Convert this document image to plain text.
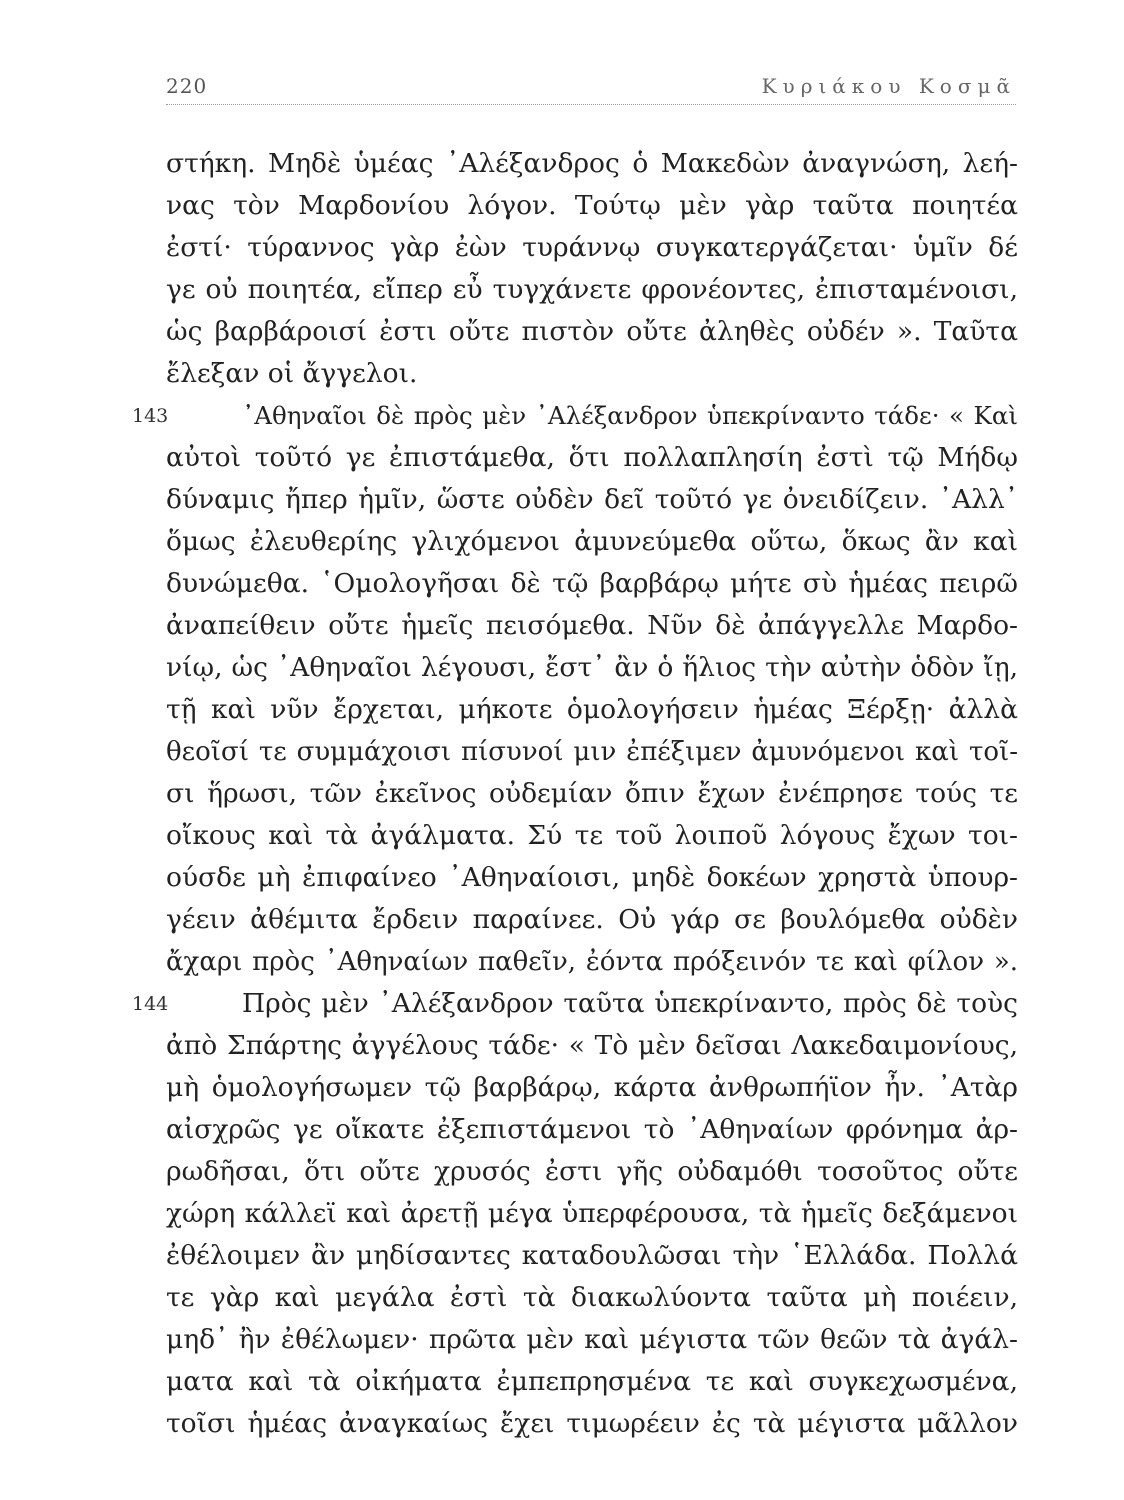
220	Κυριάκου Κοσμᾶ
στήκη. Μηδὲ ὑμέας ᾿Αλέξανδρος ὁ Μακεδὼν ἀναγνώση, λεή-
νας τὸν Μαρδονίου λόγον. Τούτῳ μὲν γὰρ ταῦτα ποιητέα
ἐστί· τύραννος γὰρ ἐὼν τυράννῳ συγκατεργάζεται· ὑμῖν δέ
γε οὐ ποιητέα, εἴπερ εὖ τυγχάνετε φρονέοντες, ἐπισταμένοισι,
ὡς βαρβάροισί ἐστι οὔτε πιστὸν οὔτε ἀληθὲς οὐδέν ». Ταῦτα
ἔλεξαν οἱ ἄγγελοι.
143	᾿Αθηναῖοι δὲ πρὸς μὲν ᾿Αλέξανδρον ὑπεκρίναντο τάδε· « Καὶ
αὐτοὶ τοῦτό γε ἐπιστάμεθα, ὅτι πολλαπλησίη ἐστὶ τῷ Μήδῳ
δύναμις ἤπερ ἡμῖν, ὥστε οὐδὲν δεῖ τοῦτό γε ὀνειδίζειν. ᾿Αλλ᾿
ὅμως ἐλευθερίης γλιχόμενοι ἀμυνεύμεθα οὕτω, ὅκως ἂν καὶ
δυνώμεθα. ῾Ομολογῆσαι δὲ τῷ βαρβάρῳ μήτε σὺ ἡμέας πειρῶ
ἀναπείθειν οὔτε ἡμεῖς πεισόμεθα. Νῦν δὲ ἀπάγγελλε Μαρδο-
νίῳ, ὡς ᾿Αθηναῖοι λέγουσι, ἔστ᾿ ἂν ὁ ἥλιος τὴν αὐτὴν ὁδὸν ἴῃ,
τῇ καὶ νῦν ἔρχεται, μήκοτε ὁμολογήσειν ἡμέας Ξέρξῃ· ἀλλὰ
θεοῖσί τε συμμάχοισι πίσυνοί μιν ἐπέξιμεν ἀμυνόμενοι καὶ τοῖ-
σι ἥρωσι, τῶν ἐκεῖνος οὐδεμίαν ὄπιν ἔχων ἐνέπρησε τούς τε
οἴκους καὶ τὰ ἀγάλματα. Σύ τε τοῦ λοιποῦ λόγους ἔχων τοι-
ούσδε μὴ ἐπιφαίνεο ᾿Αθηναίοισι, μηδὲ δοκέων χρηστὰ ὑπουρ-
γέειν ἀθέμιτα ἔρδειν παραίνεε. Οὐ γάρ σε βουλόμεθα οὐδὲν
ἄχαρι πρὸς ᾿Αθηναίων παθεῖν, ἐόντα πρόξεινόν τε καὶ φίλον ».
144	Πρὸς μὲν ᾿Αλέξανδρον ταῦτα ὑπεκρίναντο, πρὸς δὲ τοὺς
ἀπὸ Σπάρτης ἀγγέλους τάδε· « Τὸ μὲν δεῖσαι Λακεδαιμονίους,
μὴ ὁμολογήσωμεν τῷ βαρβάρῳ, κάρτα ἀνθρωπήϊον ἦν. ᾿Ατὰρ
αἰσχρῶς γε οἴκατε ἐξεπιστάμενοι τὸ ᾿Αθηναίων φρόνημα ἀρ-
ρωδῆσαι, ὅτι οὔτε χρυσός ἐστι γῆς οὐδαμόθι τοσοῦτος οὔτε
χώρη κάλλεϊ καὶ ἀρετῇ μέγα ὑπερφέρουσα, τὰ ἡμεῖς δεξάμενοι
ἐθέλοιμεν ἂν μηδίσαντες καταδουλῶσαι τὴν ῾Ελλάδα. Πολλά
τε γὰρ καὶ μεγάλα ἐστὶ τὰ διακωλύοντα ταῦτα μὴ ποιέειν,
μηδ᾿ ἢν ἐθέλωμεν· πρῶτα μὲν καὶ μέγιστα τῶν θεῶν τὰ ἀγάλ-
ματα καὶ τὰ οἰκήματα ἐμπεπρησμένα τε καὶ συγκεχωσμένα,
τοῖσι ἡμέας ἀναγκαίως ἔχει τιμωρέειν ἐς τὰ μέγιστα μᾶλλον
